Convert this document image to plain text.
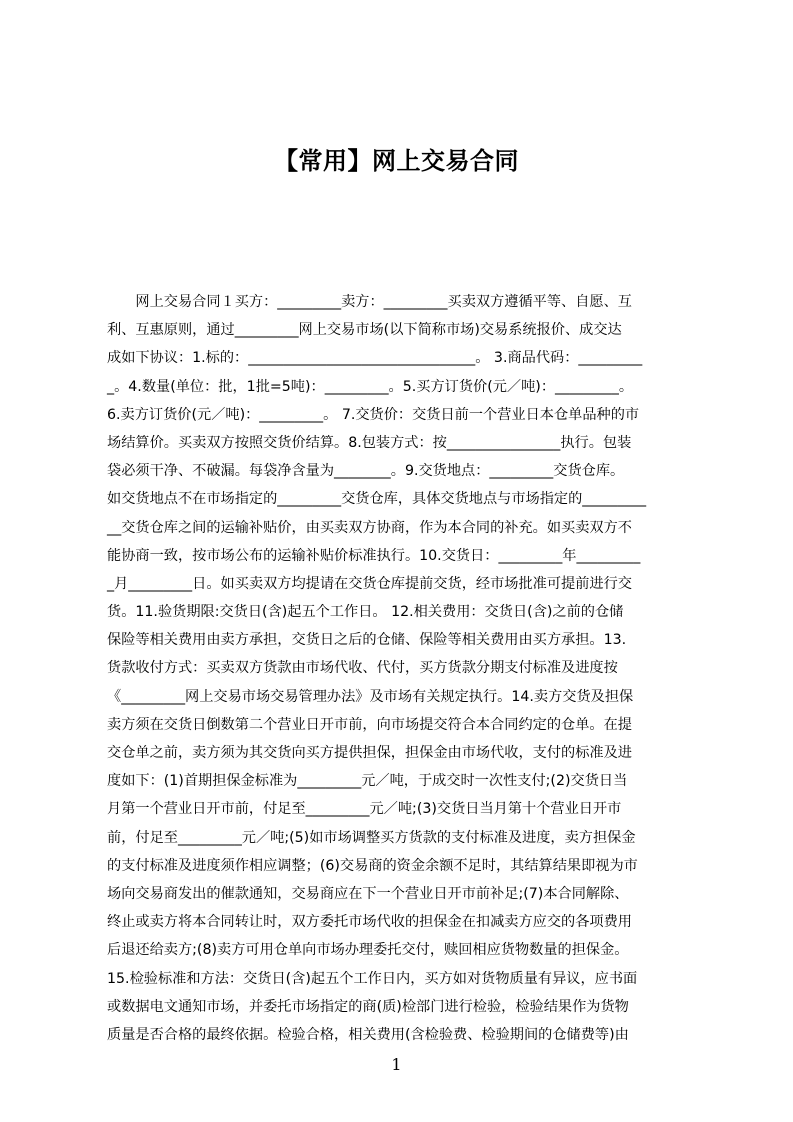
【常用】网上交易合同
　　网上交易合同１买方：_________卖方：_________买卖双方遵循平等、自愿、互
利、互惠原则，通过_________网上交易市场(以下简称市场)交易系统报价、成交达
成如下协议：1.标的：________________________________。 3.商品代码：_________
_。4.数量(单位：批，1批=5吨)：_________。5.买方订货价(元／吨)：_________。
6.卖方订货价(元／吨)：_________。 7.交货价：交货日前一个营业日本仓单品种的市
场结算价。买卖双方按照交货价结算。8.包装方式：按________________执行。包装
袋必须干净、不破漏。每袋净含量为________。9.交货地点：_________交货仓库。
如交货地点不在市场指定的_________交货仓库，具体交货地点与市场指定的_________
__交货仓库之间的运输补贴价，由买卖双方协商，作为本合同的补充。如买卖双方不
能协商一致，按市场公布的运输补贴价标准执行。10.交货日：_________年_________
_月_________日。如买卖双方均提请在交货仓库提前交货，经市场批准可提前进行交
货。11.验货期限:交货日(含)起五个工作日。 12.相关费用：交货日(含)之前的仓储
保险等相关费用由卖方承担，交货日之后的仓储、保险等相关费用由买方承担。13.
货款收付方式：买卖双方货款由市场代收、代付，买方货款分期支付标准及进度按
《_________网上交易市场交易管理办法》及市场有关规定执行。14.卖方交货及担保
卖方须在交货日倒数第二个营业日开市前，向市场提交符合本合同约定的仓单。在提
交仓单之前，卖方须为其交货向买方提供担保，担保金由市场代收，支付的标准及进
度如下：(1)首期担保金标准为_________元／吨，于成交时一次性支付;(2)交货日当
月第一个营业日开市前，付足至_________元／吨;(3)交货日当月第十个营业日开市
前，付足至_________元／吨;(5)如市场调整买方货款的支付标准及进度，卖方担保金
的支付标准及进度须作相应调整；(6)交易商的资金余额不足时，其结算结果即视为市
场向交易商发出的催款通知，交易商应在下一个营业日开市前补足;(7)本合同解除、
终止或卖方将本合同转让时，双方委托市场代收的担保金在扣减卖方应交的各项费用
后退还给卖方;(8)卖方可用仓单向市场办理委托交付，赎回相应货物数量的担保金。
15.检验标准和方法：交货日(含)起五个工作日内，买方如对货物质量有异议，应书面
或数据电文通知市场，并委托市场指定的商(质)检部门进行检验，检验结果作为货物
质量是否合格的最终依据。检验合格，相关费用(含检验费、检验期间的仓储费等)由
1
